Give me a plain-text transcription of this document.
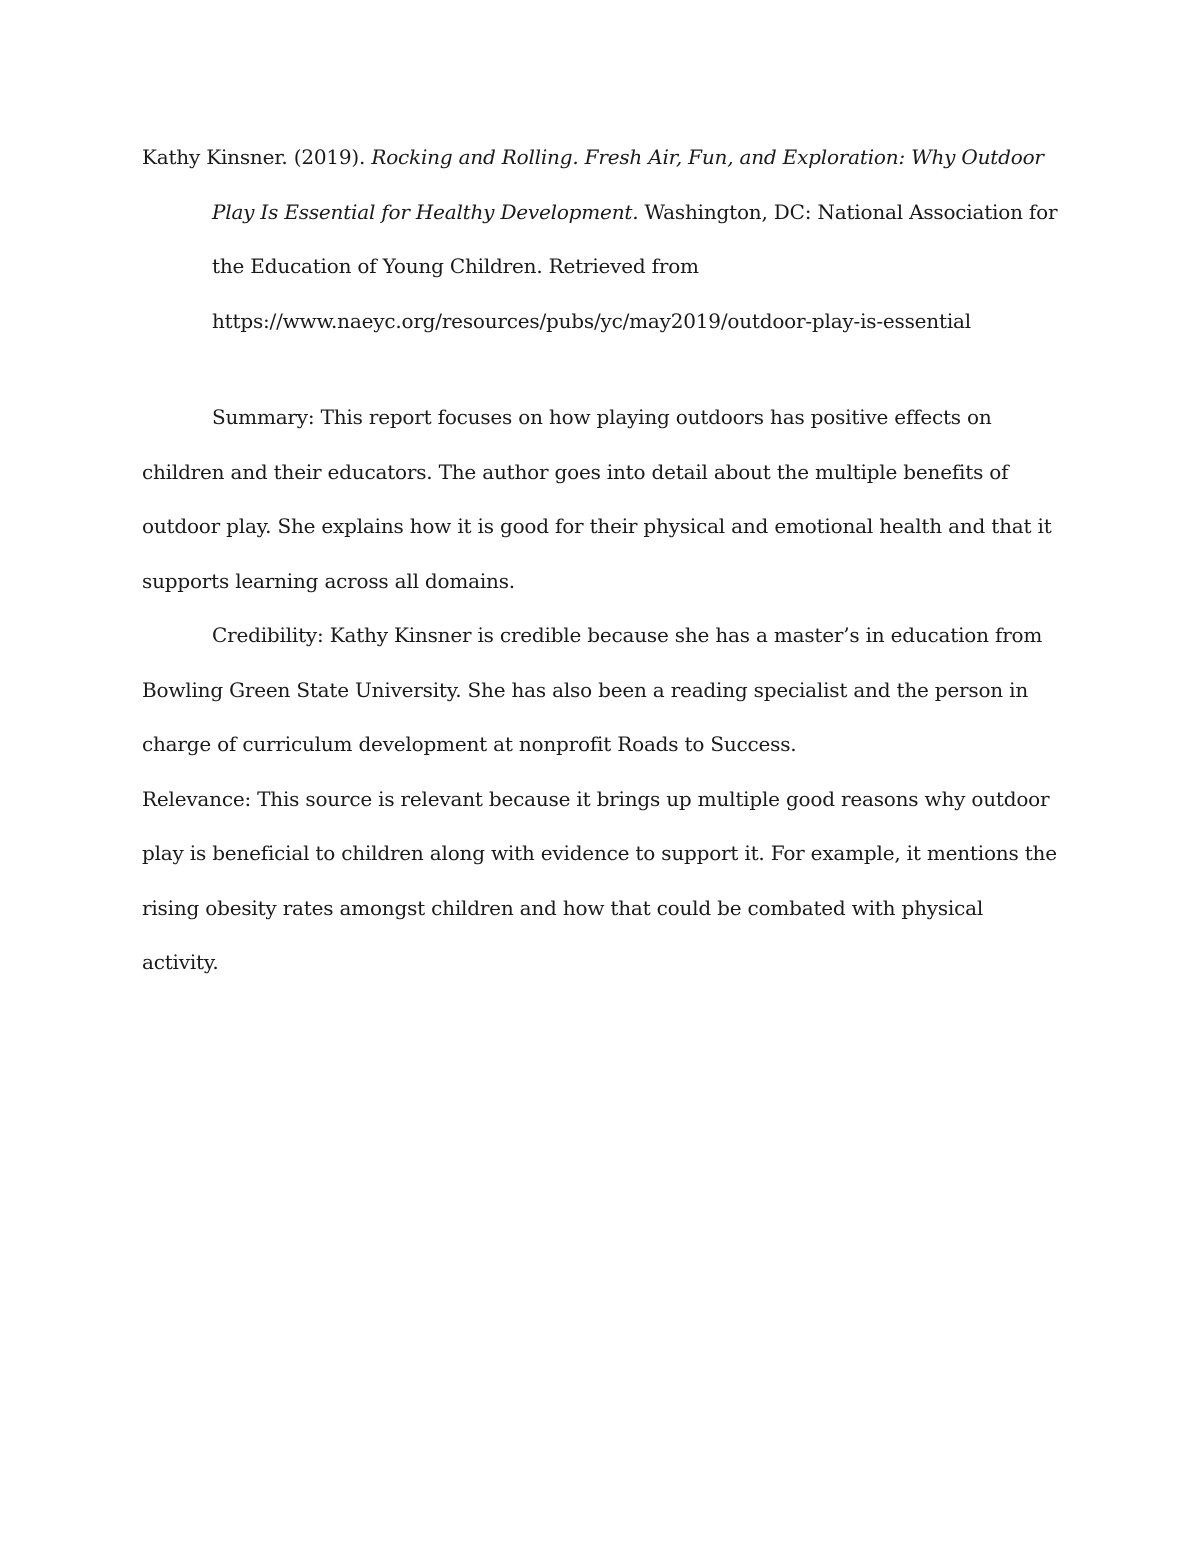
Kathy Kinsner. (2019). Rocking and Rolling. Fresh Air, Fun, and Exploration: Why Outdoor Play Is Essential for Healthy Development. Washington, DC: National Association for the Education of Young Children. Retrieved from
https://www.naeyc.org/resources/pubs/yc/may2019/outdoor-play-is-essential

Summary: This report focuses on how playing outdoors has positive effects on children and their educators. The author goes into detail about the multiple benefits of outdoor play. She explains how it is good for their physical and emotional health and that it supports learning across all domains.

Credibility: Kathy Kinsner is credible because she has a master’s in education from Bowling Green State University. She has also been a reading specialist and the person in charge of curriculum development at nonprofit Roads to Success.

Relevance: This source is relevant because it brings up multiple good reasons why outdoor play is beneficial to children along with evidence to support it. For example, it mentions the rising obesity rates amongst children and how that could be combated with physical activity.
